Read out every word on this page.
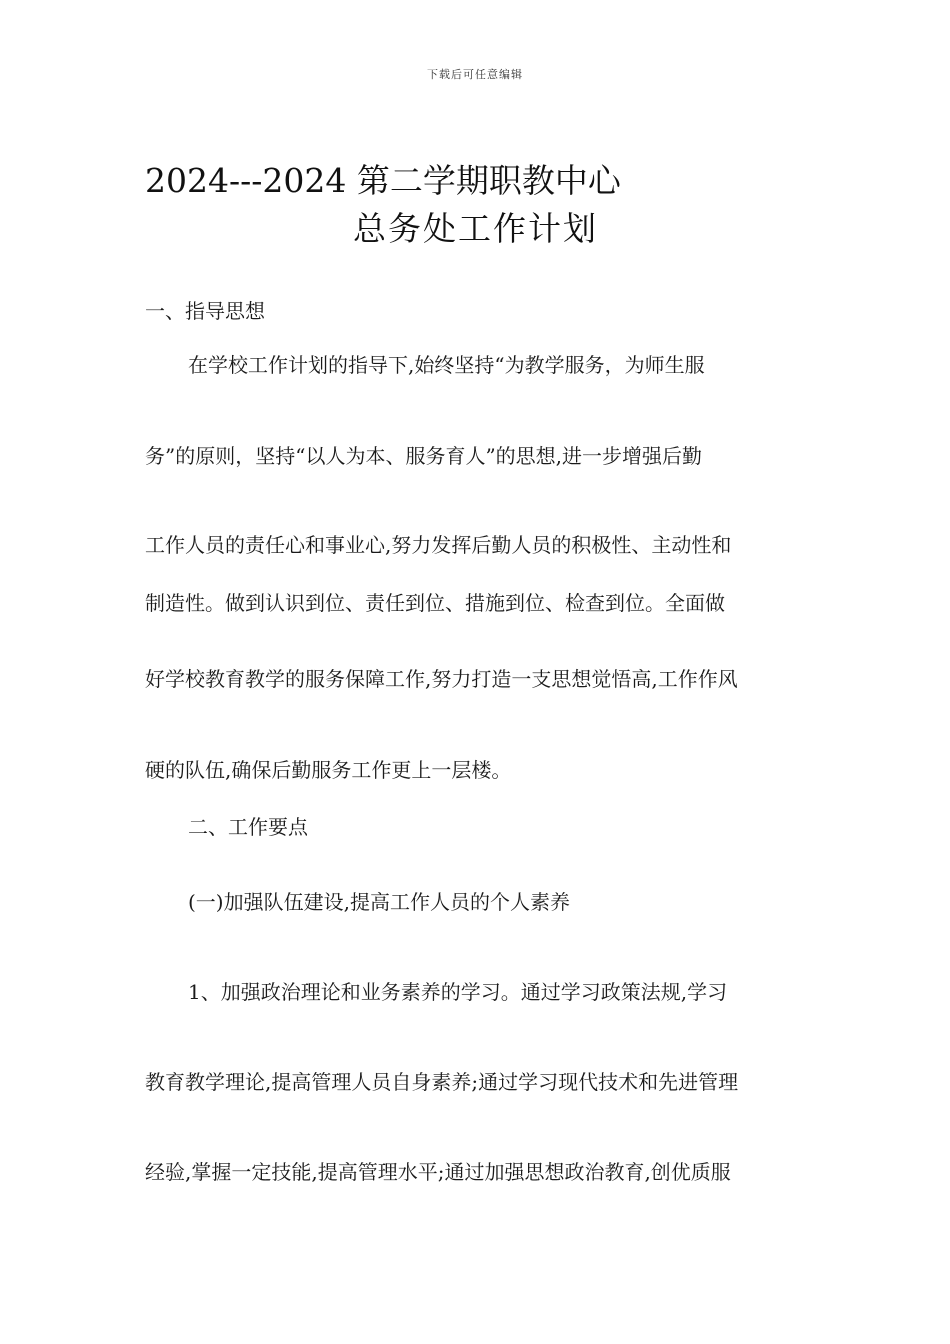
下载后可任意编辑
2024---2024 第二学期职教中心
总务处工作计划
一、指导思想
在学校工作计划的指导下,始终坚持“为教学服务，为师生服
务”的原则，坚持“以人为本、服务育人”的思想,进一步增强后勤
工作人员的责任心和事业心,努力发挥后勤人员的积极性、主动性和
制造性。做到认识到位、责任到位、措施到位、检查到位。全面做
好学校教育教学的服务保障工作,努力打造一支思想觉悟高,工作作风
硬的队伍,确保后勤服务工作更上一层楼。
二、工作要点
(一)加强队伍建设,提高工作人员的个人素养
1、加强政治理论和业务素养的学习。通过学习政策法规,学习
教育教学理论,提高管理人员自身素养;通过学习现代技术和先进管理
经验,掌握一定技能,提高管理水平;通过加强思想政治教育,创优质服
